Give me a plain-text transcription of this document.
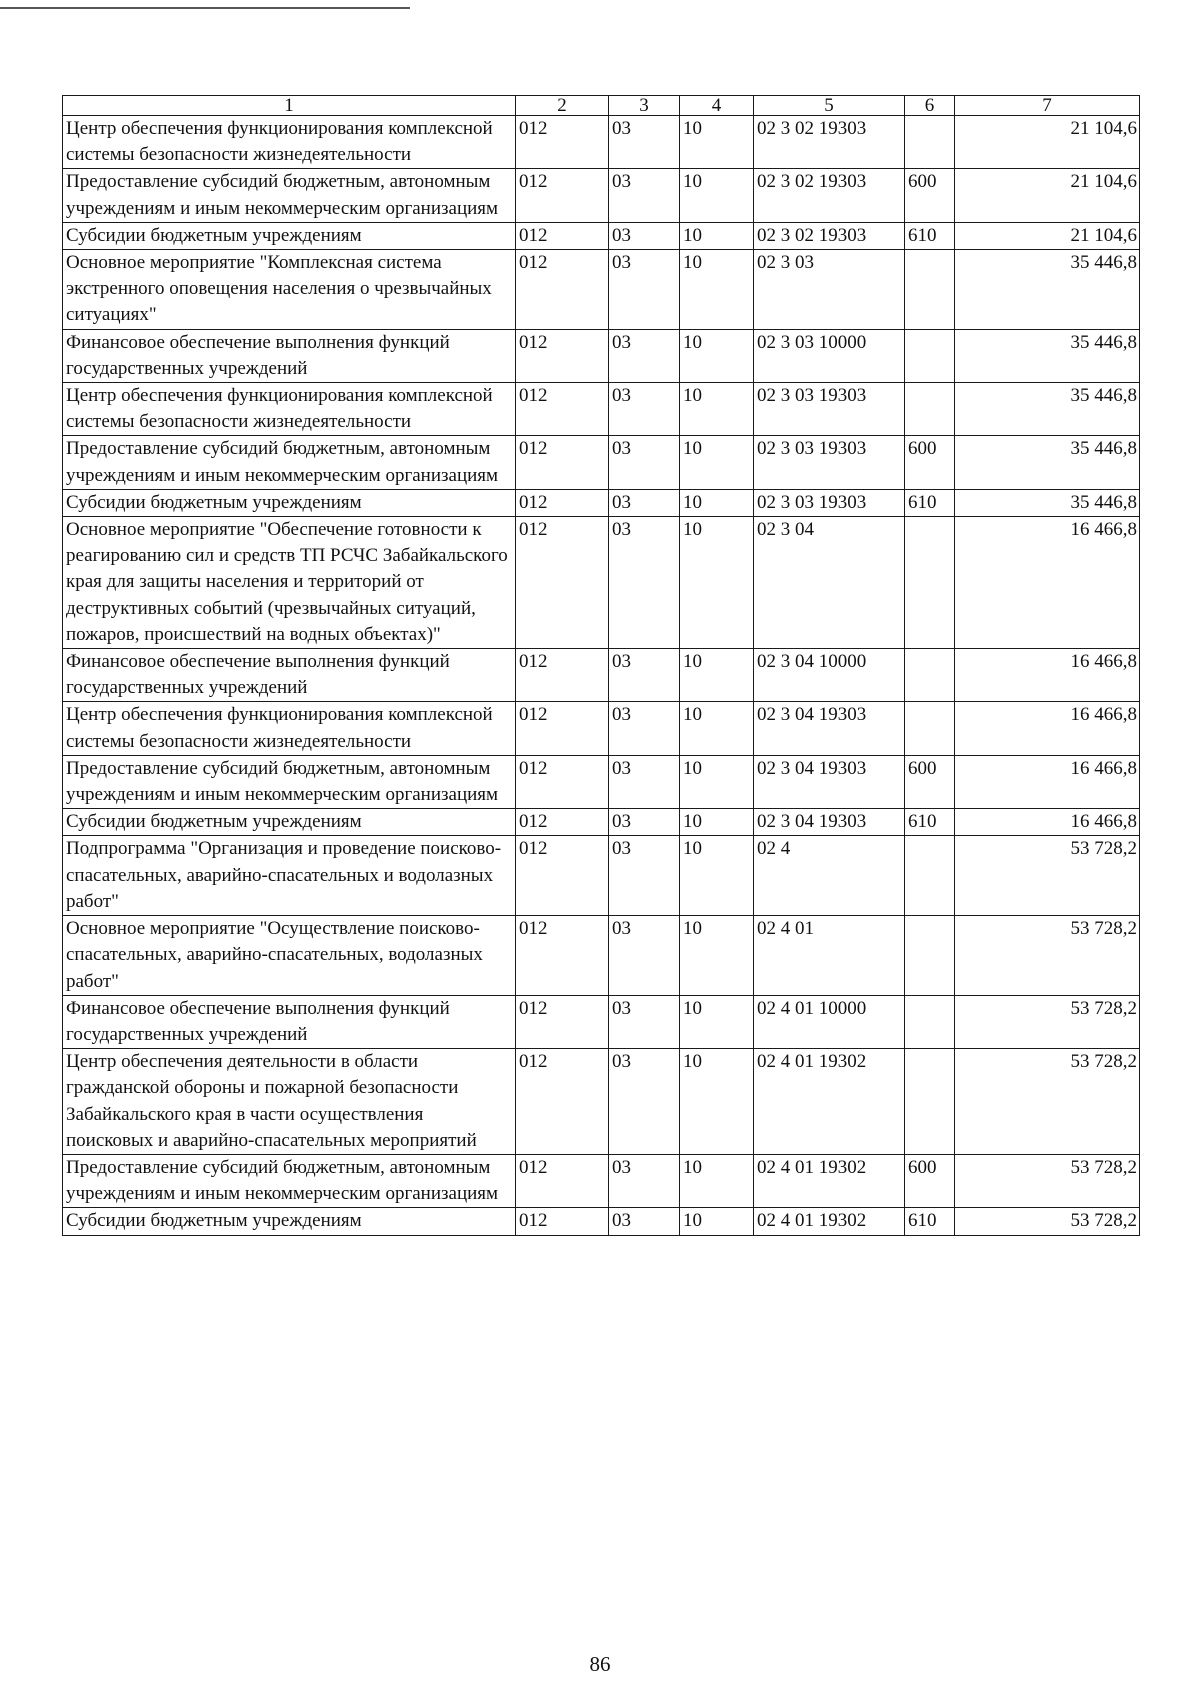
1	2	3	4	5	6	7
Центр обеспечения функционирования комплексной системы безопасности жизнедеятельности	012	03	10	02 3 02 19303		21 104,6
Предоставление субсидий бюджетным, автономным учреждениям и иным некоммерческим организациям	012	03	10	02 3 02 19303	600	21 104,6
Субсидии бюджетным учреждениям	012	03	10	02 3 02 19303	610	21 104,6
Основное мероприятие "Комплексная система экстренного оповещения населения о чрезвычайных ситуациях"	012	03	10	02 3 03		35 446,8
Финансовое обеспечение выполнения функций государственных учреждений	012	03	10	02 3 03 10000		35 446,8
Центр обеспечения функционирования комплексной системы безопасности жизнедеятельности	012	03	10	02 3 03 19303		35 446,8
Предоставление субсидий бюджетным, автономным учреждениям и иным некоммерческим организациям	012	03	10	02 3 03 19303	600	35 446,8
Субсидии бюджетным учреждениям	012	03	10	02 3 03 19303	610	35 446,8
Основное мероприятие "Обеспечение готовности к реагированию сил и средств ТП РСЧС Забайкальского края для защиты населения и территорий от деструктивных событий (чрезвычайных ситуаций, пожаров, происшествий на водных объектах)"	012	03	10	02 3 04		16 466,8
Финансовое обеспечение выполнения функций государственных учреждений	012	03	10	02 3 04 10000		16 466,8
Центр обеспечения функционирования комплексной системы безопасности жизнедеятельности	012	03	10	02 3 04 19303		16 466,8
Предоставление субсидий бюджетным, автономным учреждениям и иным некоммерческим организациям	012	03	10	02 3 04 19303	600	16 466,8
Субсидии бюджетным учреждениям	012	03	10	02 3 04 19303	610	16 466,8
Подпрограмма "Организация и проведение поисково-спасательных, аварийно-спасательных и водолазных работ"	012	03	10	02 4		53 728,2
Основное мероприятие "Осуществление поисково-спасательных, аварийно-спасательных, водолазных работ"	012	03	10	02 4 01		53 728,2
Финансовое обеспечение выполнения функций государственных учреждений	012	03	10	02 4 01 10000		53 728,2
Центр обеспечения деятельности в области гражданской обороны и пожарной безопасности Забайкальского края в части осуществления поисковых и аварийно-спасательных мероприятий	012	03	10	02 4 01 19302		53 728,2
Предоставление субсидий бюджетным, автономным учреждениям и иным некоммерческим организациям	012	03	10	02 4 01 19302	600	53 728,2
Субсидии бюджетным учреждениям	012	03	10	02 4 01 19302	610	53 728,2
86
